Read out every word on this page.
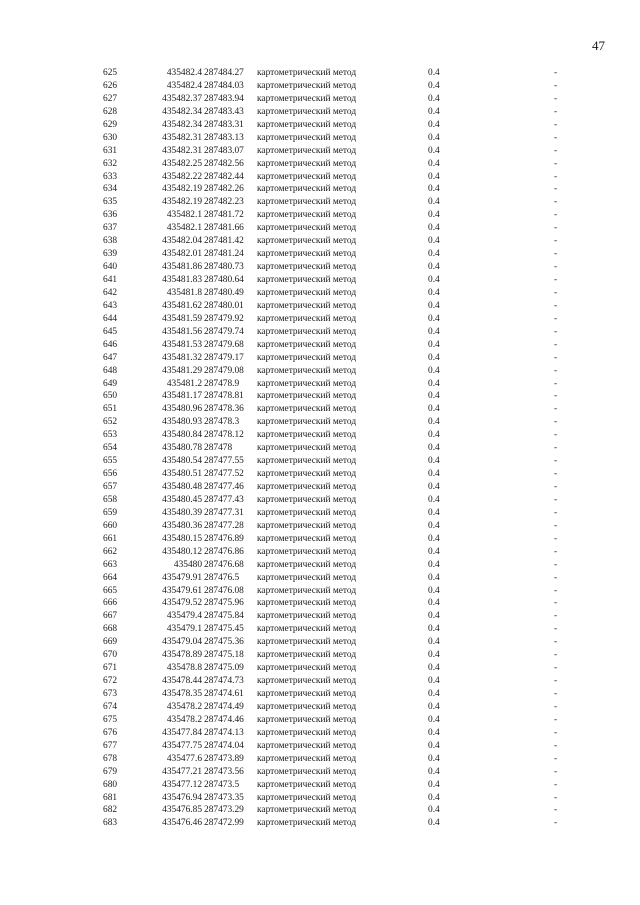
47
625	435482.4 287484.27	картометрический метод	0.4	-
626	435482.4 287484.03	картометрический метод	0.4	-
627	435482.37 287483.94	картометрический метод	0.4	-
628	435482.34 287483.43	картометрический метод	0.4	-
629	435482.34 287483.31	картометрический метод	0.4	-
630	435482.31 287483.13	картометрический метод	0.4	-
631	435482.31 287483.07	картометрический метод	0.4	-
632	435482.25 287482.56	картометрический метод	0.4	-
633	435482.22 287482.44	картометрический метод	0.4	-
634	435482.19 287482.26	картометрический метод	0.4	-
635	435482.19 287482.23	картометрический метод	0.4	-
636	435482.1 287481.72	картометрический метод	0.4	-
637	435482.1 287481.66	картометрический метод	0.4	-
638	435482.04 287481.42	картометрический метод	0.4	-
639	435482.01 287481.24	картометрический метод	0.4	-
640	435481.86 287480.73	картометрический метод	0.4	-
641	435481.83 287480.64	картометрический метод	0.4	-
642	435481.8 287480.49	картометрический метод	0.4	-
643	435481.62 287480.01	картометрический метод	0.4	-
644	435481.59 287479.92	картометрический метод	0.4	-
645	435481.56 287479.74	картометрический метод	0.4	-
646	435481.53 287479.68	картометрический метод	0.4	-
647	435481.32 287479.17	картометрический метод	0.4	-
648	435481.29 287479.08	картометрический метод	0.4	-
649	435481.2 287478.9	картометрический метод	0.4	-
650	435481.17 287478.81	картометрический метод	0.4	-
651	435480.96 287478.36	картометрический метод	0.4	-
652	435480.93 287478.3	картометрический метод	0.4	-
653	435480.84 287478.12	картометрический метод	0.4	-
654	435480.78 287478	картометрический метод	0.4	-
655	435480.54 287477.55	картометрический метод	0.4	-
656	435480.51 287477.52	картометрический метод	0.4	-
657	435480.48 287477.46	картометрический метод	0.4	-
658	435480.45 287477.43	картометрический метод	0.4	-
659	435480.39 287477.31	картометрический метод	0.4	-
660	435480.36 287477.28	картометрический метод	0.4	-
661	435480.15 287476.89	картометрический метод	0.4	-
662	435480.12 287476.86	картометрический метод	0.4	-
663	435480 287476.68	картометрический метод	0.4	-
664	435479.91 287476.5	картометрический метод	0.4	-
665	435479.61 287476.08	картометрический метод	0.4	-
666	435479.52 287475.96	картометрический метод	0.4	-
667	435479.4 287475.84	картометрический метод	0.4	-
668	435479.1 287475.45	картометрический метод	0.4	-
669	435479.04 287475.36	картометрический метод	0.4	-
670	435478.89 287475.18	картометрический метод	0.4	-
671	435478.8 287475.09	картометрический метод	0.4	-
672	435478.44 287474.73	картометрический метод	0.4	-
673	435478.35 287474.61	картометрический метод	0.4	-
674	435478.2 287474.49	картометрический метод	0.4	-
675	435478.2 287474.46	картометрический метод	0.4	-
676	435477.84 287474.13	картометрический метод	0.4	-
677	435477.75 287474.04	картометрический метод	0.4	-
678	435477.6 287473.89	картометрический метод	0.4	-
679	435477.21 287473.56	картометрический метод	0.4	-
680	435477.12 287473.5	картометрический метод	0.4	-
681	435476.94 287473.35	картометрический метод	0.4	-
682	435476.85 287473.29	картометрический метод	0.4	-
683	435476.46 287472.99	картометрический метод	0.4	-
